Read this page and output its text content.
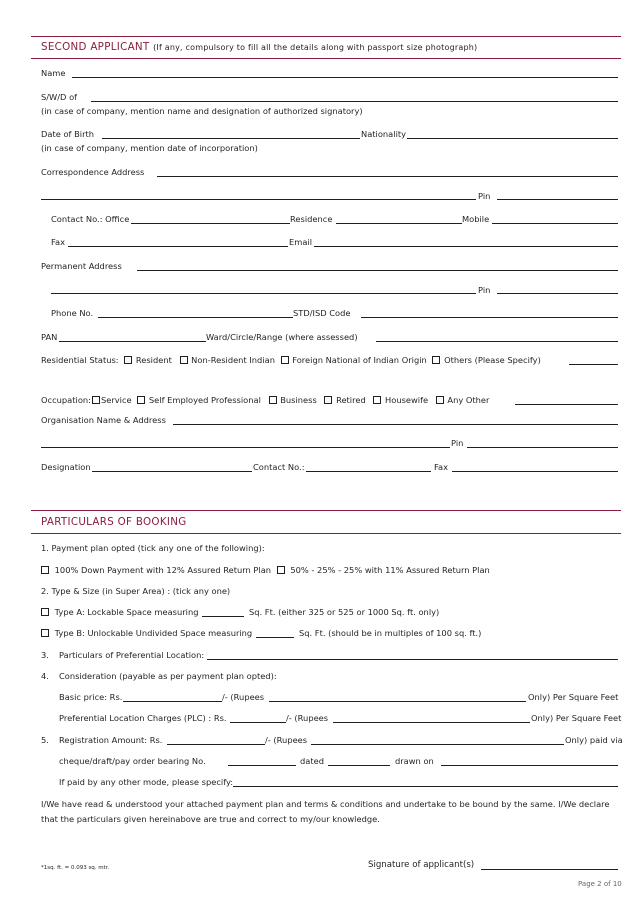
SECOND APPLICANT (If any, compulsory to fill all the details along with passport size photograph)
Name
S/W/D of
(in case of company, mention name and designation of authorized signatory)
Date of Birth	Nationality
(in case of company, mention date of incorporation)
Correspondence Address
Pin
Contact No.: Office	Residence	Mobile
Fax	Email
Permanent Address
Pin
Phone No.	STD/ISD Code
PAN	Ward/Circle/Range (where assessed)
Residential Status: Resident Non-Resident Indian Foreign National of Indian Origin Others (Please Specify)
Occupation: Service Self Employed Professional Business Retired Housewife Any Other
Organisation Name & Address
Pin
Designation	Contact No.:	Fax
PARTICULARS OF BOOKING
1. Payment plan opted (tick any one of the following):
100% Down Payment with 12% Assured Return Plan 50% - 25% - 25% with 11% Assured Return Plan
2. Type & Size (in Super Area) : (tick any one)
Type A: Lockable Space measuring	Sq. Ft. (either 325 or 525 or 1000 Sq. ft. only)
Type B: Unlockable Undivided Space measuring	Sq. Ft. (should be in multiples of 100 sq. ft.)
3. Particulars of Preferential Location:
4. Consideration (payable as per payment plan opted):
Basic price: Rs.	/- (Rupees	Only) Per Square Feet
Preferential Location Charges (PLC) : Rs.	/- (Rupees	Only) Per Square Feet
5. Registration Amount: Rs.	/- (Rupees	Only) paid via
cheque/draft/pay order bearing No.	dated	drawn on
If paid by any other mode, please specify:
I/We have read & understood your attached payment plan and terms & conditions and undertake to be bound by the same. I/We declare
that the particulars given hereinabove are true and correct to my/our knowledge.
*1sq. ft. = 0.093 sq. mtr.	Signature of applicant(s)
Page 2 of 10
